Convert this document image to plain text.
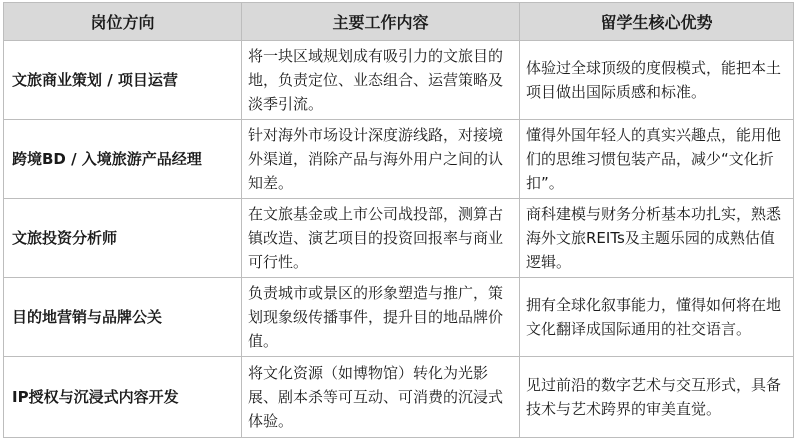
岗位方向	主要工作内容	留学生核心优势
文旅商业策划 / 项目运营	将一块区域规划成有吸引力的文旅目的地，负责定位、业态组合、运营策略及淡季引流。	体验过全球顶级的度假模式，能把本土项目做出国际质感和标准。
跨境BD / 入境旅游产品经理	针对海外市场设计深度游线路，对接境外渠道，消除产品与海外用户之间的认知差。	懂得外国年轻人的真实兴趣点，能用他们的思维习惯包装产品，减少“文化折扣”。
文旅投资分析师	在文旅基金或上市公司战投部，测算古镇改造、演艺项目的投资回报率与商业可行性。	商科建模与财务分析基本功扎实，熟悉海外文旅REITs及主题乐园的成熟估值逻辑。
目的地营销与品牌公关	负责城市或景区的形象塑造与推广，策划现象级传播事件，提升目的地品牌价值。	拥有全球化叙事能力，懂得如何将在地文化翻译成国际通用的社交语言。
IP授权与沉浸式内容开发	将文化资源（如博物馆）转化为光影展、剧本杀等可互动、可消费的沉浸式体验。	见过前沿的数字艺术与交互形式，具备技术与艺术跨界的审美直觉。
